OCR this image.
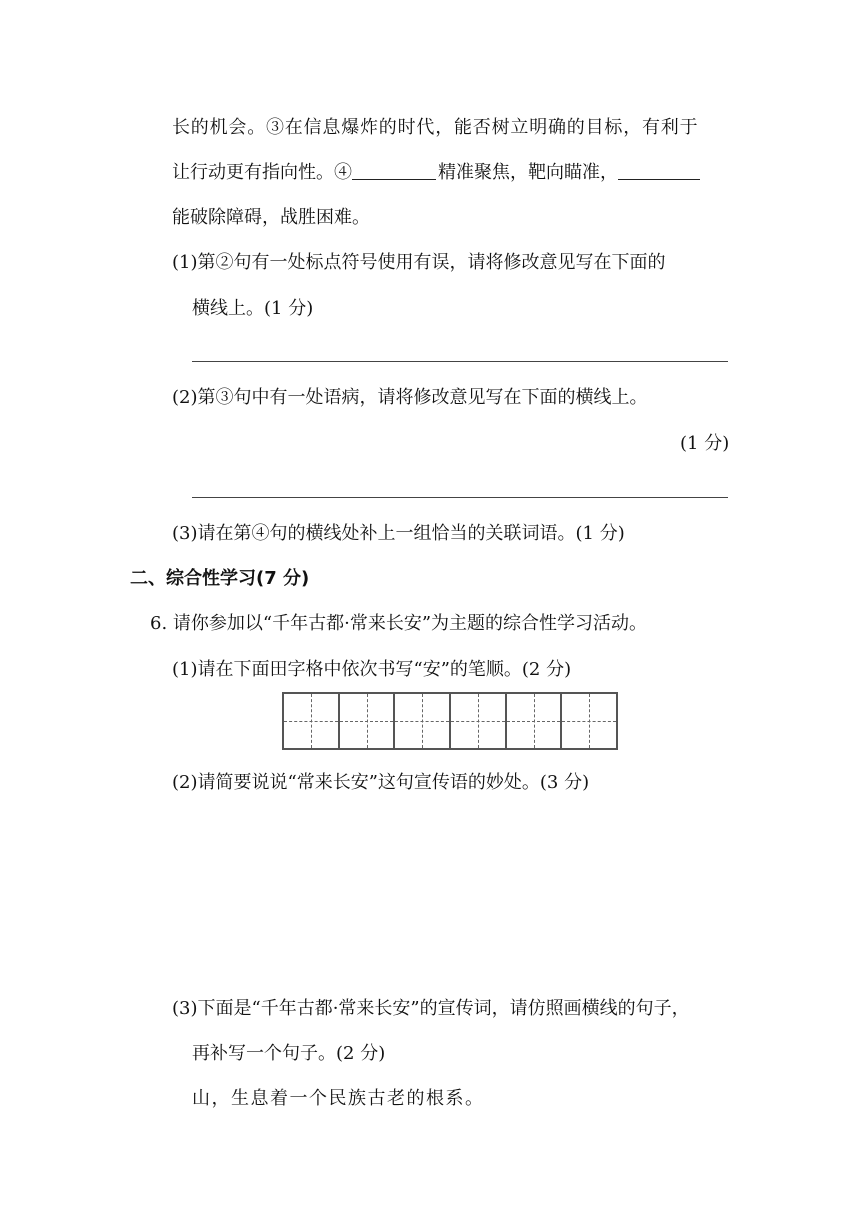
长的机会。③在信息爆炸的时代，能否树立明确的目标，有利于
让行动更有指向性。④	精准聚焦，靶向瞄准，
能破除障碍，战胜困难。
(1)第②句有一处标点符号使用有误，请将修改意见写在下面的
横线上。(1 分)
(2)第③句中有一处语病，请将修改意见写在下面的横线上。
(1 分)
(3)请在第④句的横线处补上一组恰当的关联词语。(1 分)
二、综合性学习(7 分)
6. 请你参加以“千年古都·常来长安”为主题的综合性学习活动。
(1)请在下面田字格中依次书写“安”的笔顺。(2 分)
(2)请简要说说“常来长安”这句宣传语的妙处。(3 分)
(3)下面是“千年古都·常来长安”的宣传词，请仿照画横线的句子，
再补写一个句子。(2 分)
山，生息着一个民族古老的根系。
